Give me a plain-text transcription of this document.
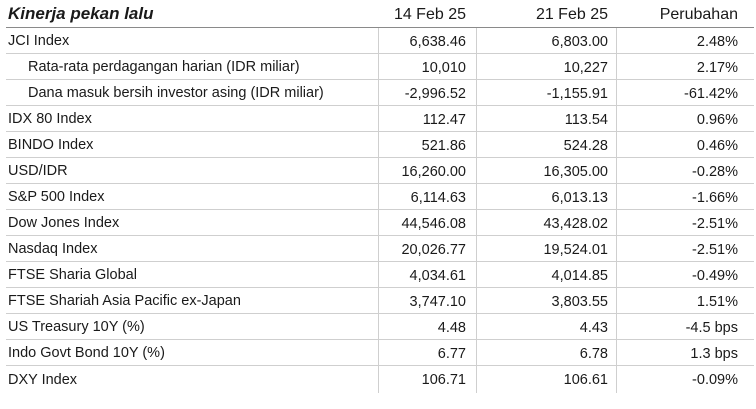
Kinerja pekan lalu	14 Feb 25	21 Feb 25	Perubahan
JCI Index	6,638.46	6,803.00	2.48%
Rata-rata perdagangan harian (IDR miliar)	10,010	10,227	2.17%
Dana masuk bersih investor asing (IDR miliar)	-2,996.52	-1,155.91	-61.42%
IDX 80 Index	112.47	113.54	0.96%
BINDO Index	521.86	524.28	0.46%
USD/IDR	16,260.00	16,305.00	-0.28%
S&P 500 Index	6,114.63	6,013.13	-1.66%
Dow Jones Index	44,546.08	43,428.02	-2.51%
Nasdaq Index	20,026.77	19,524.01	-2.51%
FTSE Sharia Global	4,034.61	4,014.85	-0.49%
FTSE Shariah Asia Pacific ex-Japan	3,747.10	3,803.55	1.51%
US Treasury 10Y (%)	4.48	4.43	-4.5 bps
Indo Govt Bond 10Y (%)	6.77	6.78	1.3 bps
DXY Index	106.71	106.61	-0.09%
